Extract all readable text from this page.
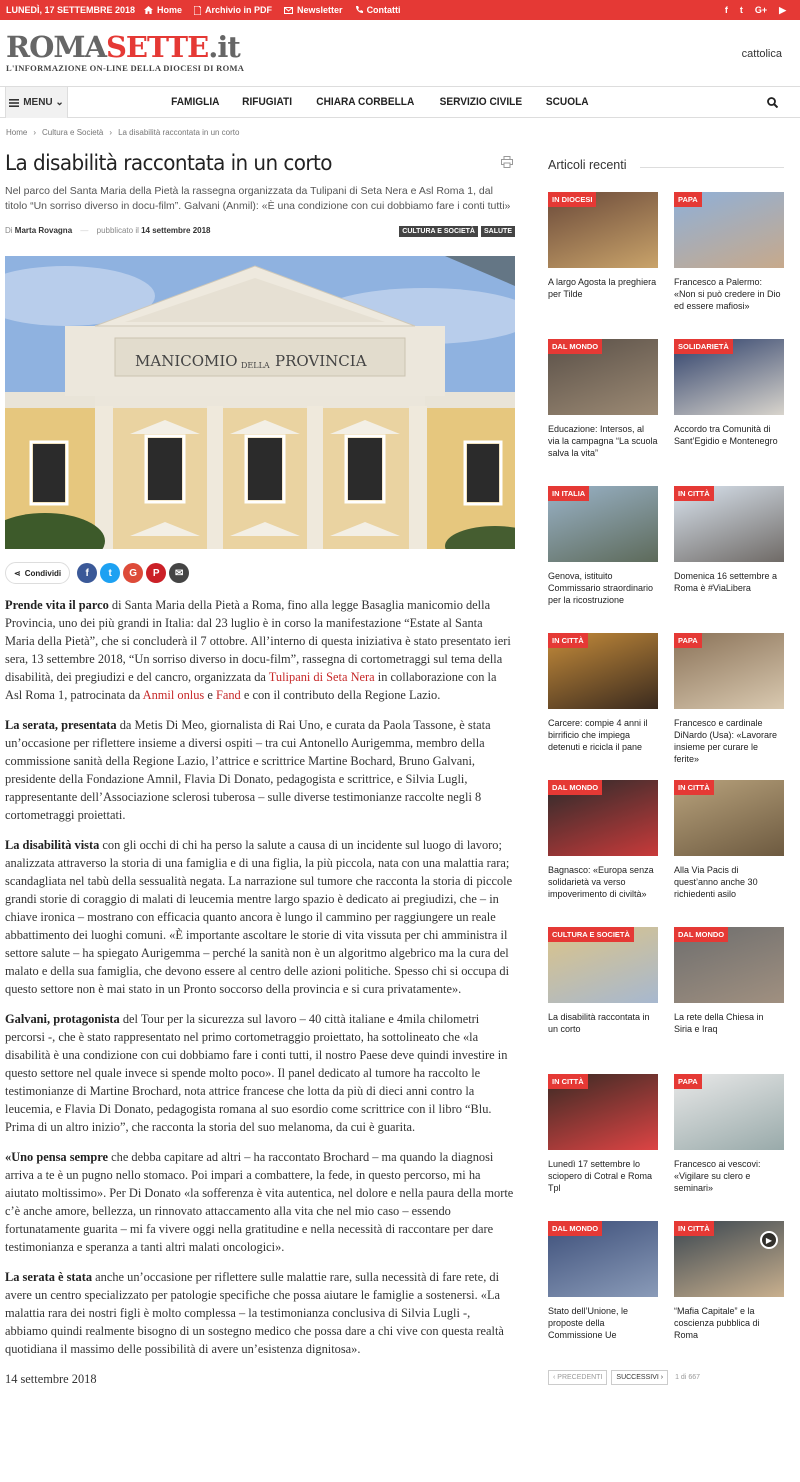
LUNEDÌ, 17 SETTEMBRE 2018	Home	Archivio in PDF	Newsletter	Contatti	f t G+ ▶
ROMASETTE.it
L'INFORMAZIONE ON-LINE DELLA DIOCESI DI ROMA
cattolica
MENU
⌄	FAMIGLIA	RIFUGIATI	CHIARA CORBELLA	SERVIZIO CIVILE	SCUOLA
Home › Cultura e Società › La disabilità raccontata in un corto
La disabilità raccontata in un corto

Nel parco del Santa Maria della Pietà la rassegna organizzata da Tulipani di Seta Nera e Asl Roma 1, dal titolo “Un sorriso diverso in docu-film”. Galvani (Anmil): «È una condizione con cui dobbiamo fare i conti tutti»

Di Marta Rovagna — pubblicato il 14 settembre 2018	CULTURA E SOCIETÀ	SALUTE
MANICOMIO DELLA PROVINCIA
⋖ Condividi	f	t	G	P	✉

Prende vita il parco di Santa Maria della Pietà a Roma, fino alla legge Basaglia manicomio della Provincia, uno dei più grandi in Italia: dal 23 luglio è in corso la manifestazione “Estate al Santa Maria della Pietà”, che si concluderà il 7 ottobre. All’interno di questa iniziativa è stato presentato ieri sera, 13 settembre 2018, “Un sorriso diverso in docu-film”, rassegna di cortometraggi sul tema della disabilità, dei pregiudizi e del cancro, organizzata da Tulipani di Seta Nera in collaborazione con la Asl Roma 1, patrocinata da Anmil onlus e Fand e con il contributo della Regione Lazio.

La serata, presentata da Metis Di Meo, giornalista di Rai Uno, e curata da Paola Tassone, è stata un’occasione per riflettere insieme a diversi ospiti – tra cui Antonello Aurigemma, membro della commissione sanità della Regione Lazio, l’attrice e scrittrice Martine Bochard, Bruno Galvani, presidente della Fondazione Amnil, Flavia Di Donato, pedagogista e scrittrice, e Silvia Lugli, rappresentante dell’Associazione sclerosi tuberosa – sulle diverse testimonianze raccolte negli 8 cortometraggi proiettati.

La disabilità vista con gli occhi di chi ha perso la salute a causa di un incidente sul luogo di lavoro; analizzata attraverso la storia di una famiglia e di una figlia, la più piccola, nata con una malattia rara; scandagliata nel tabù della sessualità negata. La narrazione sul tumore che racconta la storia di piccole grandi storie di coraggio di malati di leucemia mentre largo spazio è dedicato ai pregiudizi, che – in chiave ironica – mostrano con efficacia quanto ancora è lungo il cammino per raggiungere un reale abbattimento dei luoghi comuni. «È importante ascoltare le storie di vita vissuta per chi amministra il settore salute – ha spiegato Aurigemma – perché la sanità non è un algoritmo algebrico ma la cura del malato e della sua famiglia, che devono essere al centro delle azioni politiche. Spesso chi si occupa di questo settore non è mai stato in un Pronto soccorso della provincia e si cura privatamente».

Galvani, protagonista del Tour per la sicurezza sul lavoro – 40 città italiane e 4mila chilometri percorsi -, che è stato rappresentato nel primo cortometraggio proiettato, ha sottolineato che «la disabilità è una condizione con cui dobbiamo fare i conti tutti, il nostro Paese deve quindi investire in questo settore nel quale invece si spende molto poco». Il panel dedicato al tumore ha raccolto le testimonianze di Martine Brochard, nota attrice francese che lotta da più di dieci anni contro la leucemia, e Flavia Di Donato, pedagogista romana al suo esordio come scrittrice con il libro “Blu. Prima di un altro inizio”, che racconta la storia del suo melanoma, da cui è guarita.

«Uno pensa sempre che debba capitare ad altri – ha raccontato Brochard – ma quando la diagnosi arriva a te è un pugno nello stomaco. Poi impari a combattere, la fede, in questo percorso, mi ha aiutato moltissimo». Per Di Donato «la sofferenza è vita autentica, nel dolore e nella paura della morte c’è anche amore, bellezza, un rinnovato attaccamento alla vita che nel mio caso – essendo fortunatamente guarita – mi fa vivere oggi nella gratitudine e nella necessità di raccontare per dare testimonianza e speranza a tanti altri malati oncologici».

La serata è stata anche un’occasione per riflettere sulle malattie rare, sulla necessità di fare rete, di avere un centro specializzato per patologie specifiche che possa aiutare le famiglie a sostenersi. «La malattia rara dei nostri figli è molto complessa – la testimonianza conclusiva di Silvia Lugli -, abbiamo quindi realmente bisogno di un sostegno medico che possa dare a chi vive con questa realtà quotidiana il massimo delle possibilità di avere un’esistenza dignitosa».

14 settembre 2018

Articoli recenti
IN DIOCESI
A largo Agosta la preghiera per Tilde
PAPA
Francesco a Palermo: «Non si può credere in Dio ed essere mafiosi»
DAL MONDO
Educazione: Intersos, al via la campagna “La scuola salva la vita”
SOLIDARIETÀ
Accordo tra Comunità di Sant’Egidio e Montenegro
IN ITALIA
Genova, istituito Commissario straordinario per la ricostruzione
IN CITTÀ
Domenica 16 settembre a Roma è #ViaLibera
IN CITTÀ
Carcere: compie 4 anni il birrificio che impiega detenuti e ricicla il pane
PAPA
Francesco e cardinale DiNardo (Usa): «Lavorare insieme per curare le ferite»
DAL MONDO
Bagnasco: «Europa senza solidarietà va verso impoverimento di civiltà»
IN CITTÀ
Alla Via Pacis di quest’anno anche 30 richiedenti asilo
CULTURA E SOCIETÀ
La disabilità raccontata in un corto
DAL MONDO
La rete della Chiesa in Siria e Iraq
IN CITTÀ
Lunedì 17 settembre lo sciopero di Cotral e Roma Tpl
PAPA
Francesco ai vescovi: «Vigilare su clero e seminari»
DAL MONDO
Stato dell’Unione, le proposte della Commissione Ue
IN CITTÀ
▶
“Mafia Capitale” e la coscienza pubblica di Roma
‹ PRECEDENTI	SUCCESSIVI ›	1 di 667
